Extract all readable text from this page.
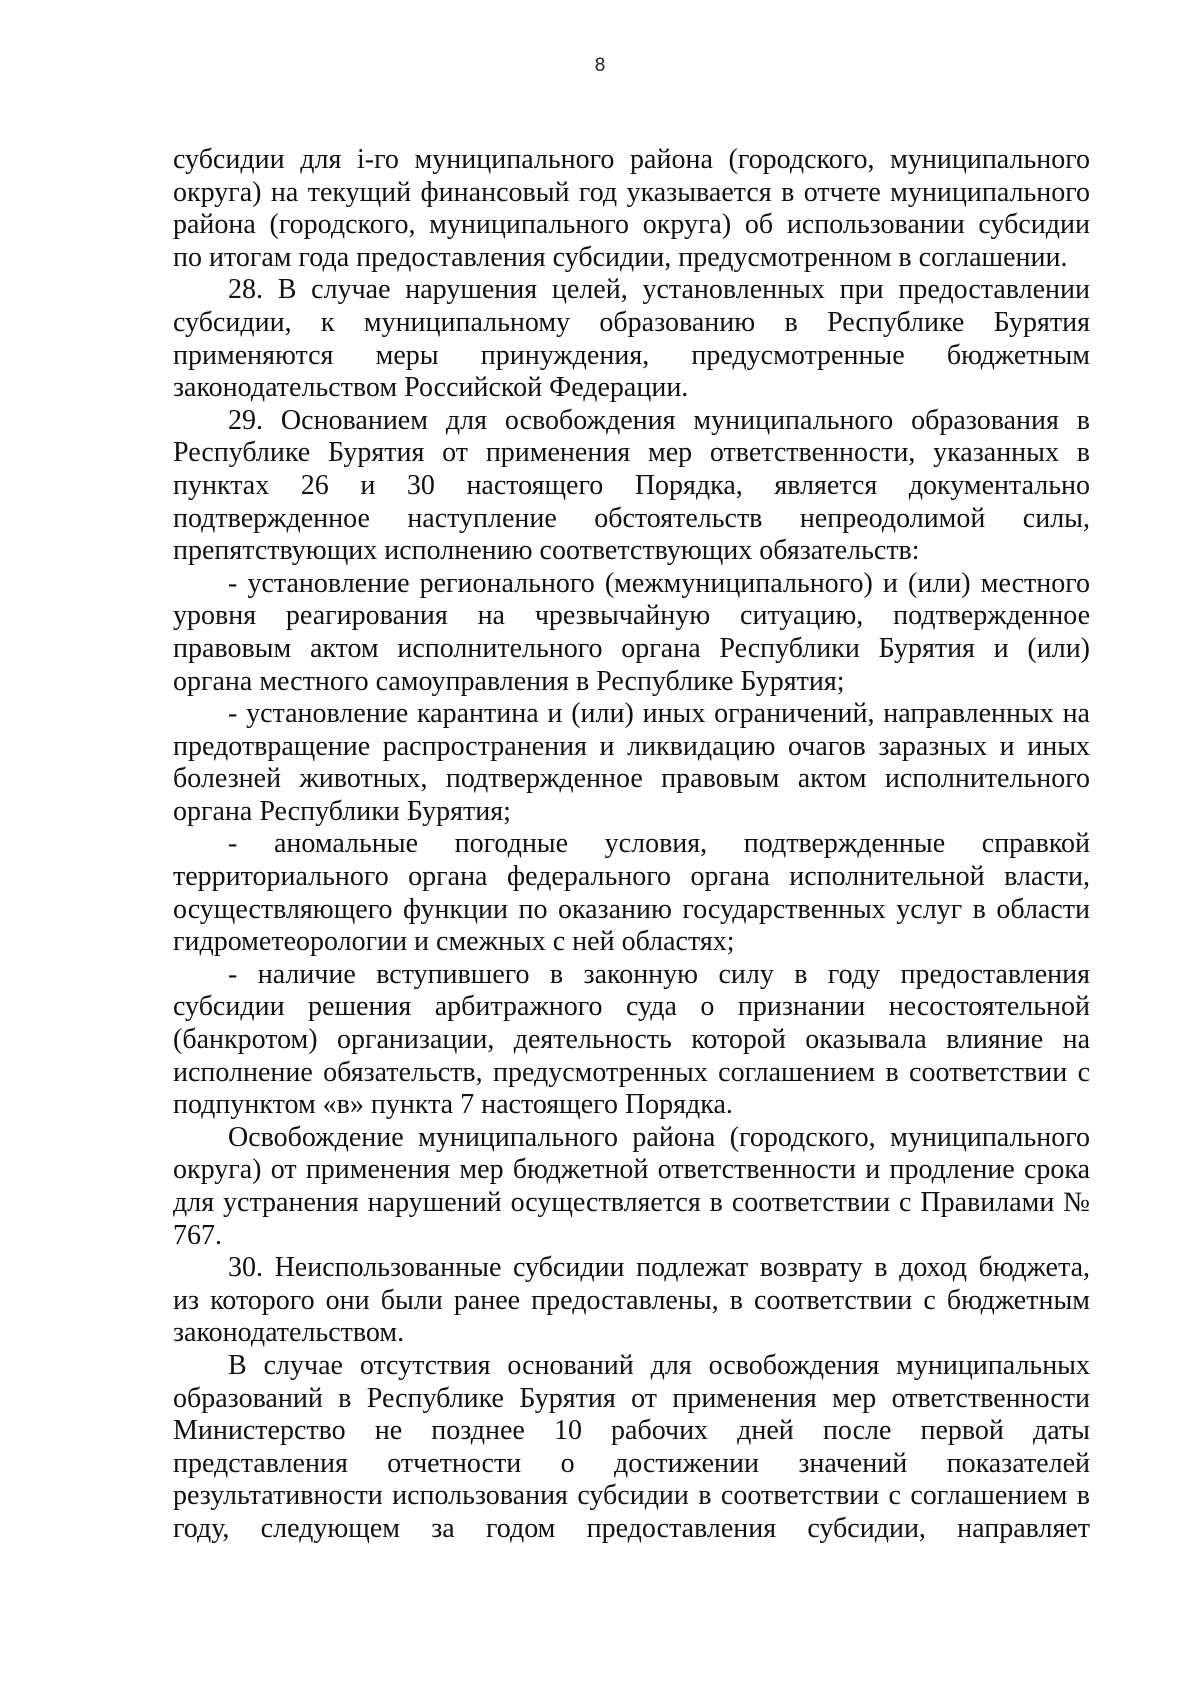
8
субсидии для i-го муниципального района (городского, муниципального
округа) на текущий финансовый год указывается в отчете муниципального
района (городского, муниципального округа) об использовании субсидии
по итогам года предоставления субсидии, предусмотренном в соглашении.
28. В случае нарушения целей, установленных при предоставлении
субсидии, к муниципальному образованию в Республике Бурятия
применяются меры принуждения, предусмотренные бюджетным
законодательством Российской Федерации.
29. Основанием для освобождения муниципального образования в
Республике Бурятия от применения мер ответственности, указанных в
пунктах 26 и 30 настоящего Порядка, является документально
подтвержденное наступление обстоятельств непреодолимой силы,
препятствующих исполнению соответствующих обязательств:
- установление регионального (межмуниципального) и (или) местного
уровня реагирования на чрезвычайную ситуацию, подтвержденное
правовым актом исполнительного органа Республики Бурятия и (или)
органа местного самоуправления в Республике Бурятия;
- установление карантина и (или) иных ограничений, направленных на
предотвращение распространения и ликвидацию очагов заразных и иных
болезней животных, подтвержденное правовым актом исполнительного
органа Республики Бурятия;
- аномальные погодные условия, подтвержденные справкой
территориального органа федерального органа исполнительной власти,
осуществляющего функции по оказанию государственных услуг в области
гидрометеорологии и смежных с ней областях;
- наличие вступившего в законную силу в году предоставления
субсидии решения арбитражного суда о признании несостоятельной
(банкротом) организации, деятельность которой оказывала влияние на
исполнение обязательств, предусмотренных соглашением в соответствии с
подпунктом «в» пункта 7 настоящего Порядка.
Освобождение муниципального района (городского, муниципального
округа) от применения мер бюджетной ответственности и продление срока
для устранения нарушений осуществляется в соответствии с Правилами №
767.
30. Неиспользованные субсидии подлежат возврату в доход бюджета,
из которого они были ранее предоставлены, в соответствии с бюджетным
законодательством.
В случае отсутствия оснований для освобождения муниципальных
образований в Республике Бурятия от применения мер ответственности
Министерство не позднее 10 рабочих дней после первой даты
представления отчетности о достижении значений показателей
результативности использования субсидии в соответствии с соглашением в
году, следующем за годом предоставления субсидии, направляет
